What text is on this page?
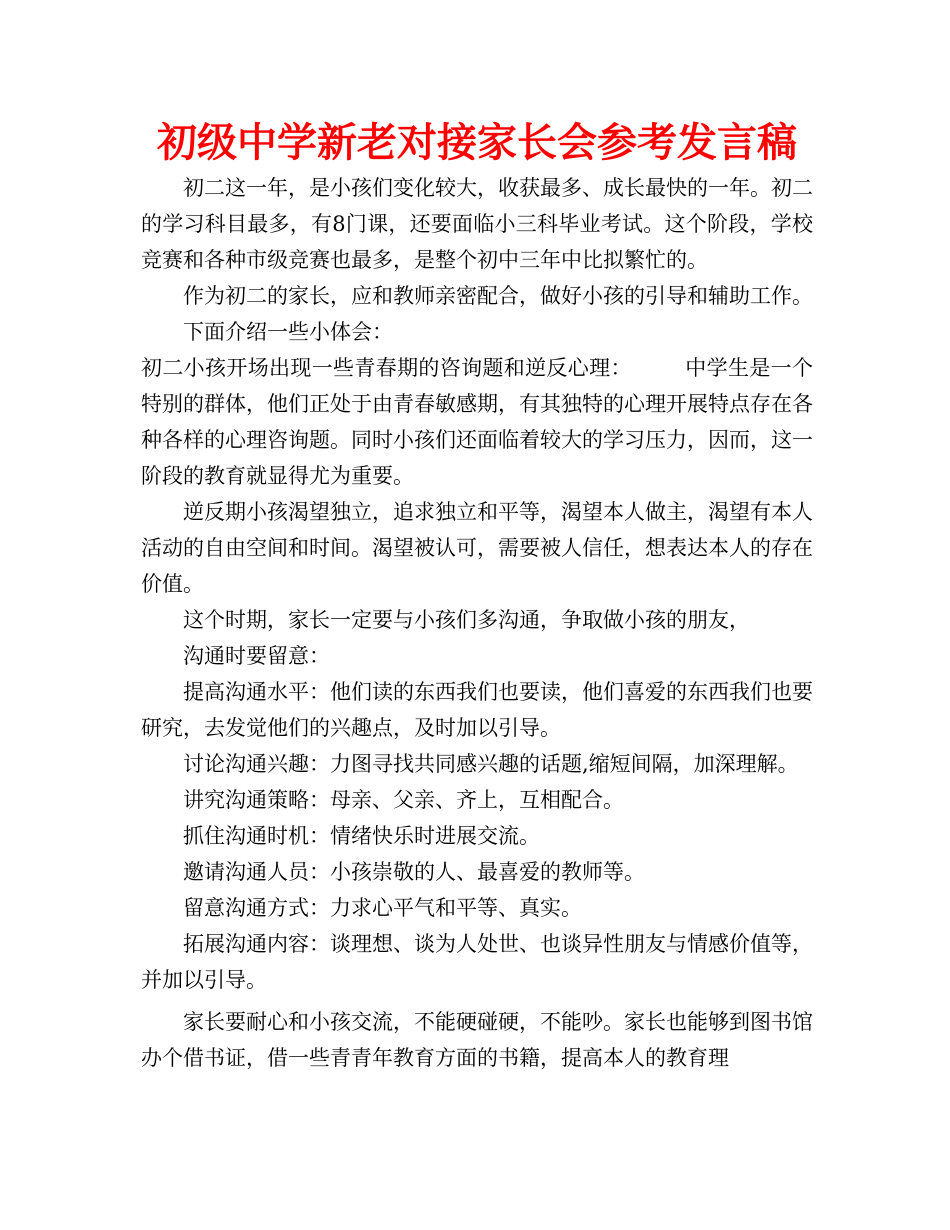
初级中学新老对接家长会参考发言稿

初二这一年，是小孩们变化较大，收获最多、成长最快的一年。初二的学习科目最多，有8门课，还要面临小三科毕业考试。这个阶段，学校竞赛和各种市级竞赛也最多，是整个初中三年中比拟繁忙的。

作为初二的家长，应和教师亲密配合，做好小孩的引导和辅助工作。

下面介绍一些小体会：

初二小孩开场出现一些青春期的咨询题和逆反心理：　　　中学生是一个特别的群体，他们正处于由青春敏感期，有其独特的心理开展特点存在各种各样的心理咨询题。同时小孩们还面临着较大的学习压力，因而，这一阶段的教育就显得尤为重要。

逆反期小孩渴望独立，追求独立和平等，渴望本人做主，渴望有本人活动的自由空间和时间。渴望被认可，需要被人信任，想表达本人的存在价值。

这个时期，家长一定要与小孩们多沟通，争取做小孩的朋友，

沟通时要留意：

提高沟通水平：他们读的东西我们也要读，他们喜爱的东西我们也要研究，去发觉他们的兴趣点，及时加以引导。

讨论沟通兴趣：力图寻找共同感兴趣的话题,缩短间隔，加深理解。

讲究沟通策略：母亲、父亲、齐上，互相配合。

抓住沟通时机：情绪快乐时进展交流。

邀请沟通人员：小孩崇敬的人、最喜爱的教师等。

留意沟通方式：力求心平气和平等、真实。

拓展沟通内容：谈理想、谈为人处世、也谈异性朋友与情感价值等，并加以引导。

家长要耐心和小孩交流，不能硬碰硬，不能吵。家长也能够到图书馆办个借书证，借一些青青年教育方面的书籍，提高本人的教育理
